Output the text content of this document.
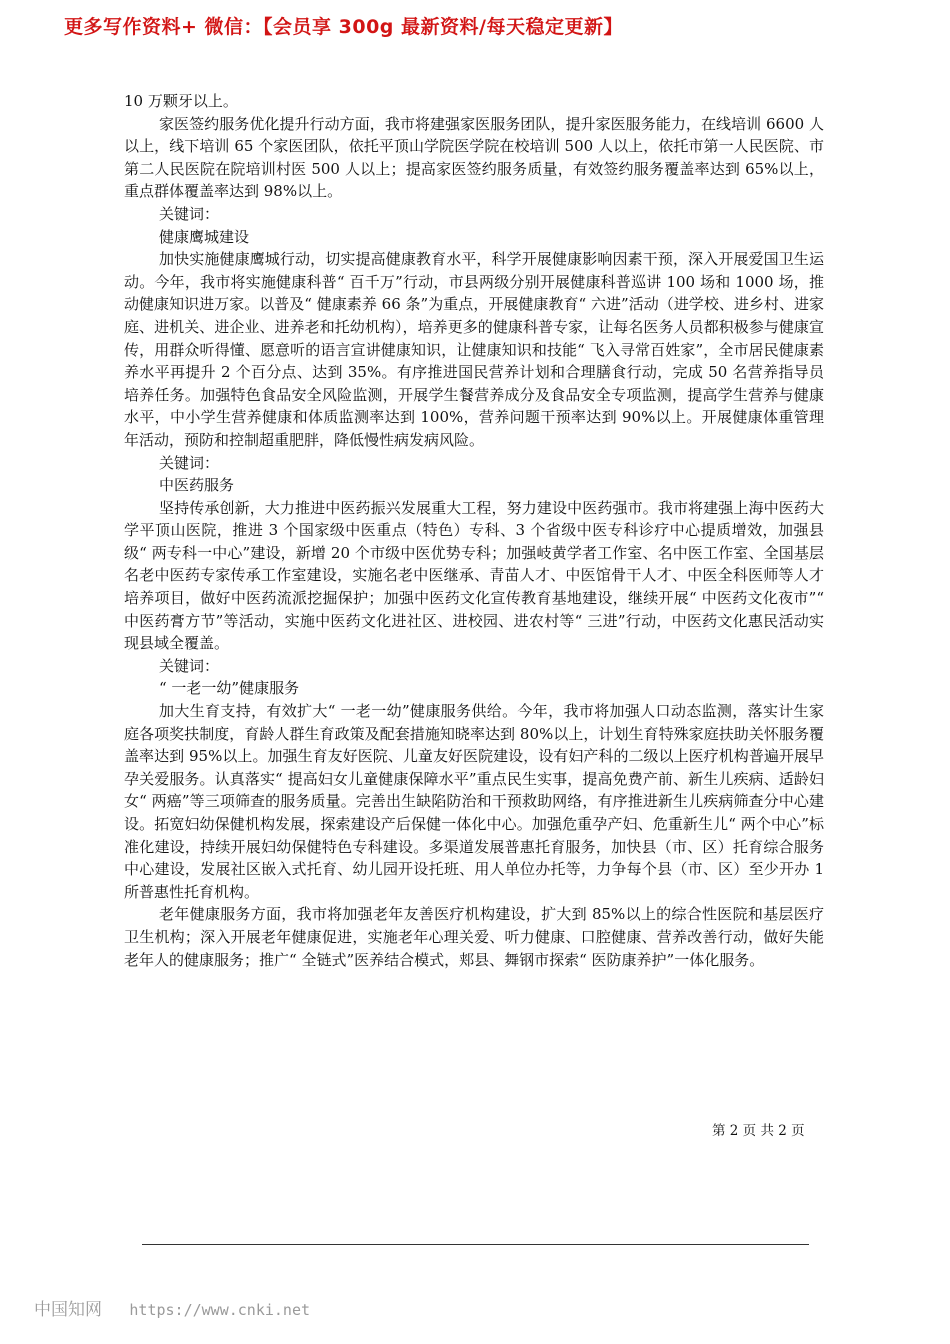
更多写作资料+ 微信：【会员享 300g 最新资料/每天稳定更新】

10 万颗牙以上。

家医签约服务优化提升行动方面，我市将建强家医服务团队，提升家医服务能力，在线培训 6600 人以上，线下培训 65 个家医团队，依托平顶山学院医学院在校培训 500 人以上，依托市第一人民医院、市第二人民医院在院培训村医 500 人以上；提高家医签约服务质量，有效签约服务覆盖率达到 65%以上，重点群体覆盖率达到 98%以上。

关键词：

健康鹰城建设

加快实施健康鹰城行动，切实提高健康教育水平，科学开展健康影响因素干预，深入开展爱国卫生运动。今年，我市将实施健康科普“ 百千万”行动，市县两级分别开展健康科普巡讲 100 场和 1000 场，推动健康知识进万家。以普及“ 健康素养 66 条”为重点，开展健康教育“ 六进”活动（进学校、进乡村、进家庭、进机关、进企业、进养老和托幼机构），培养更多的健康科普专家，让每名医务人员都积极参与健康宣传，用群众听得懂、愿意听的语言宣讲健康知识，让健康知识和技能“ 飞入寻常百姓家”，全市居民健康素养水平再提升 2 个百分点、达到 35%。有序推进国民营养计划和合理膳食行动，完成 50 名营养指导员培养任务。加强特色食品安全风险监测，开展学生餐营养成分及食品安全专项监测，提高学生营养与健康水平，中小学生营养健康和体质监测率达到 100%，营养问题干预率达到 90%以上。开展健康体重管理年活动，预防和控制超重肥胖，降低慢性病发病风险。

关键词：

中医药服务

坚持传承创新，大力推进中医药振兴发展重大工程，努力建设中医药强市。我市将建强上海中医药大学平顶山医院，推进 3 个国家级中医重点（特色）专科、3 个省级中医专科诊疗中心提质增效，加强县级“ 两专科一中心”建设，新增 20 个市级中医优势专科；加强岐黄学者工作室、名中医工作室、全国基层名老中医药专家传承工作室建设，实施名老中医继承、青苗人才、中医馆骨干人才、中医全科医师等人才培养项目，做好中医药流派挖掘保护；加强中医药文化宣传教育基地建设，继续开展“ 中医药文化夜市”“ 中医药膏方节”等活动，实施中医药文化进社区、进校园、进农村等“ 三进”行动，中医药文化惠民活动实现县域全覆盖。

关键词：

“ 一老一幼”健康服务

加大生育支持，有效扩大“ 一老一幼”健康服务供给。今年，我市将加强人口动态监测，落实计生家庭各项奖扶制度，育龄人群生育政策及配套措施知晓率达到 80%以上，计划生育特殊家庭扶助关怀服务覆盖率达到 95%以上。加强生育友好医院、儿童友好医院建设，设有妇产科的二级以上医疗机构普遍开展早孕关爱服务。认真落实“ 提高妇女儿童健康保障水平”重点民生实事，提高免费产前、新生儿疾病、适龄妇女“ 两癌”等三项筛查的服务质量。完善出生缺陷防治和干预救助网络，有序推进新生儿疾病筛查分中心建设。拓宽妇幼保健机构发展，探索建设产后保健一体化中心。加强危重孕产妇、危重新生儿“ 两个中心”标准化建设，持续开展妇幼保健特色专科建设。多渠道发展普惠托育服务，加快县（市、区）托育综合服务中心建设，发展社区嵌入式托育、幼儿园开设托班、用人单位办托等，力争每个县（市、区）至少开办 1 所普惠性托育机构。

老年健康服务方面，我市将加强老年友善医疗机构建设，扩大到 85%以上的综合性医院和基层医疗卫生机构；深入开展老年健康促进，实施老年心理关爱、听力健康、口腔健康、营养改善行动，做好失能老年人的健康服务；推广“ 全链式”医养结合模式，郏县、舞钢市探索“ 医防康养护”一体化服务。

第 2 页 共 2 页
中国知网 https://www.cnki.net
